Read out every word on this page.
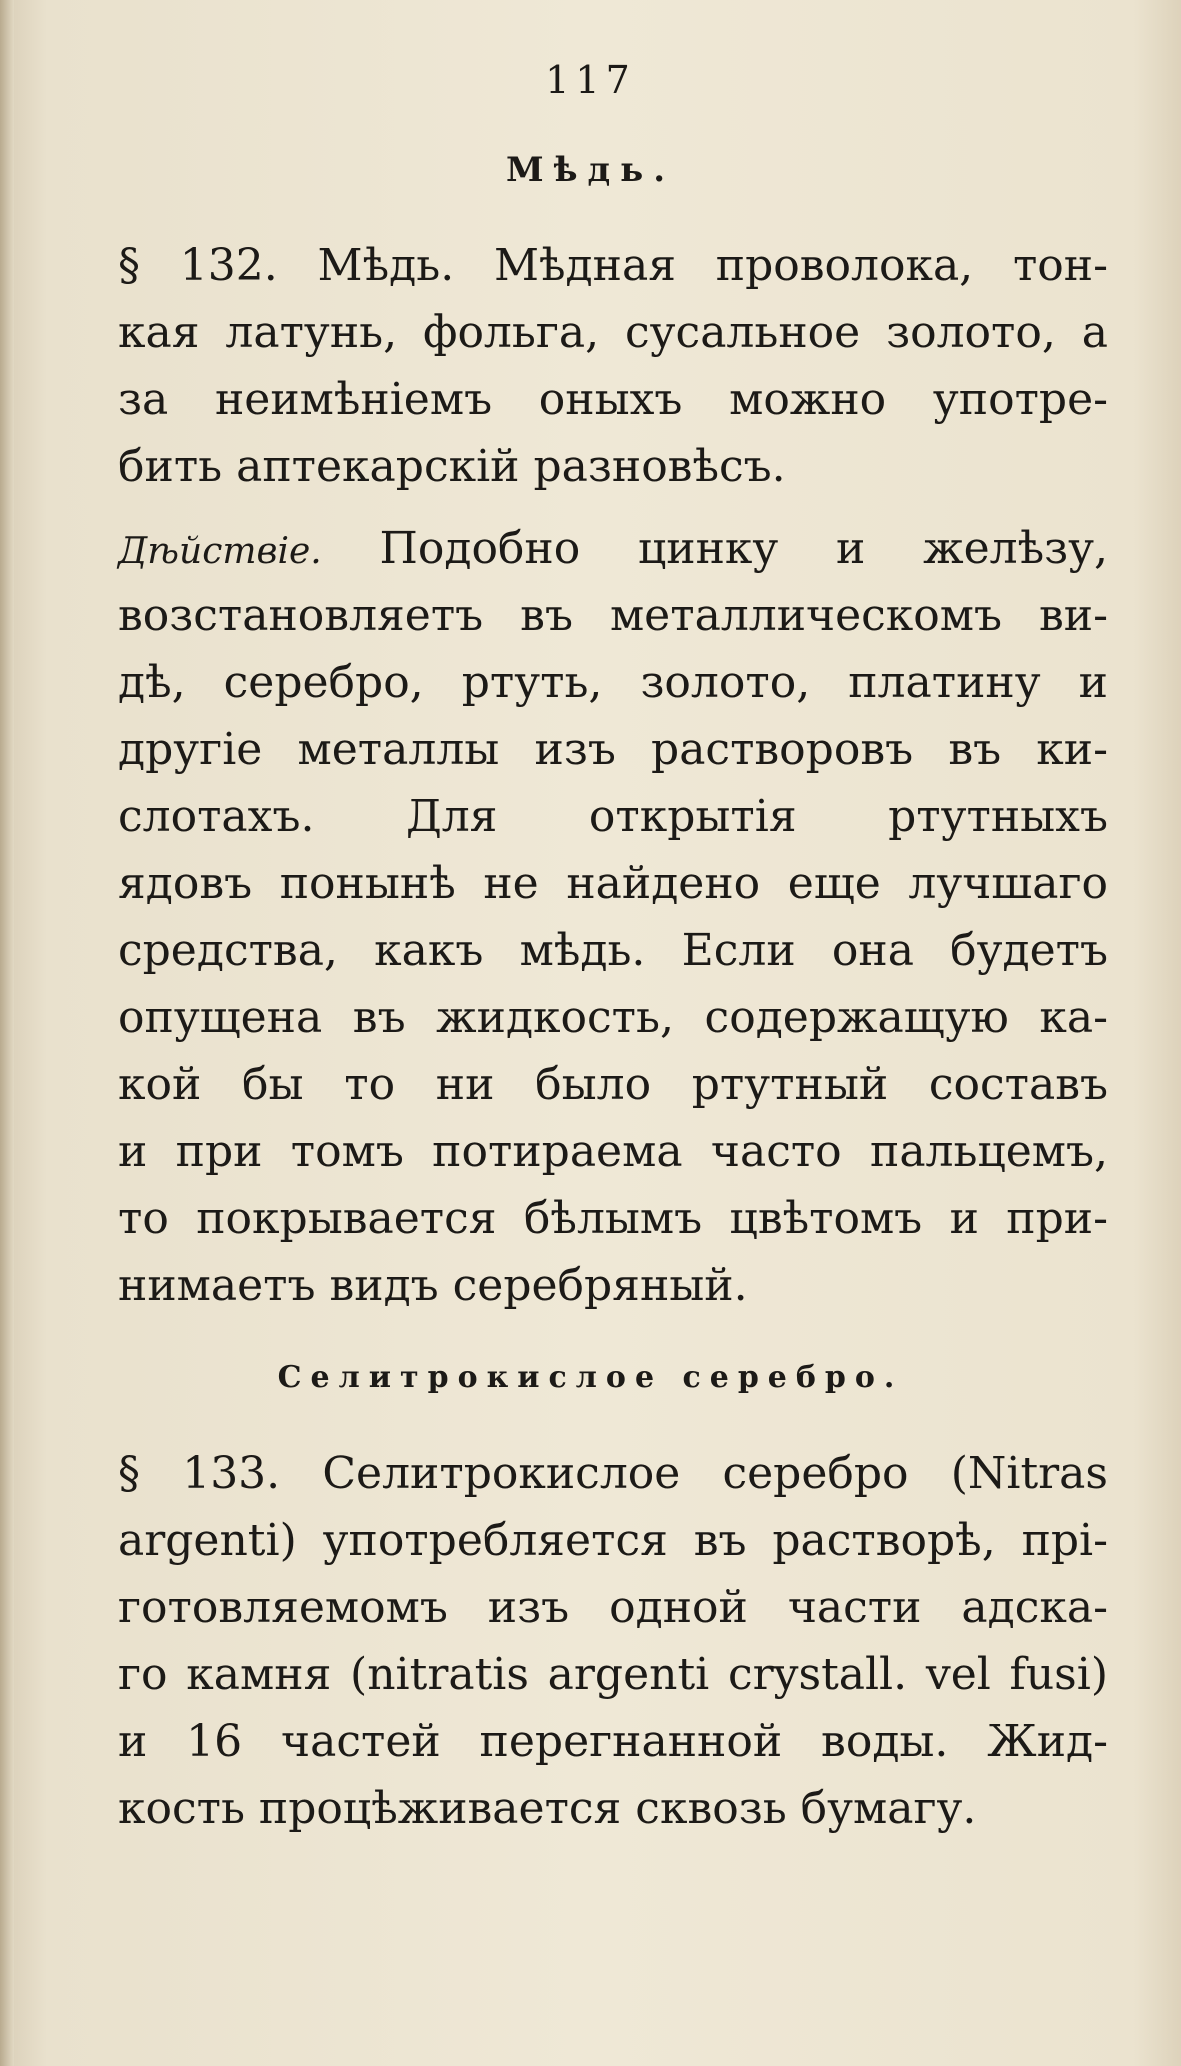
117
Мѣдь.
§ 132. Мѣдь. Мѣдная проволока, тон-
кая латунь, фольга, сусальное золото, а
за неимѣніемъ оныхъ можно употре-
бить аптекарскій разновѣсъ.
Дѣйствіе. Подобно цинку и желѣзу,
возстановляетъ въ металлическомъ ви-
дѣ, серебро, ртуть, золото, платину и
другіе металлы изъ растворовъ въ ки-
слотахъ. Для открытія ртутныхъ
ядовъ понынѣ не найдено еще лучшаго
средства, какъ мѣдь. Если она будетъ
опущена въ жидкость, содержащую ка-
кой бы то ни было ртутный составъ
и при томъ потираема часто пальцемъ,
то покрывается бѣлымъ цвѣтомъ и при-
нимаетъ видъ серебряный.
Селитрокислое серебро.
§ 133. Селитрокислое серебро (Nitras
argenti) употребляется въ растворѣ, прі-
готовляемомъ изъ одной части адска-
го камня (nitratis argenti crystall. vel fusi)
и 16 частей перегнанной воды. Жид-
кость процѣживается сквозь бумагу.
